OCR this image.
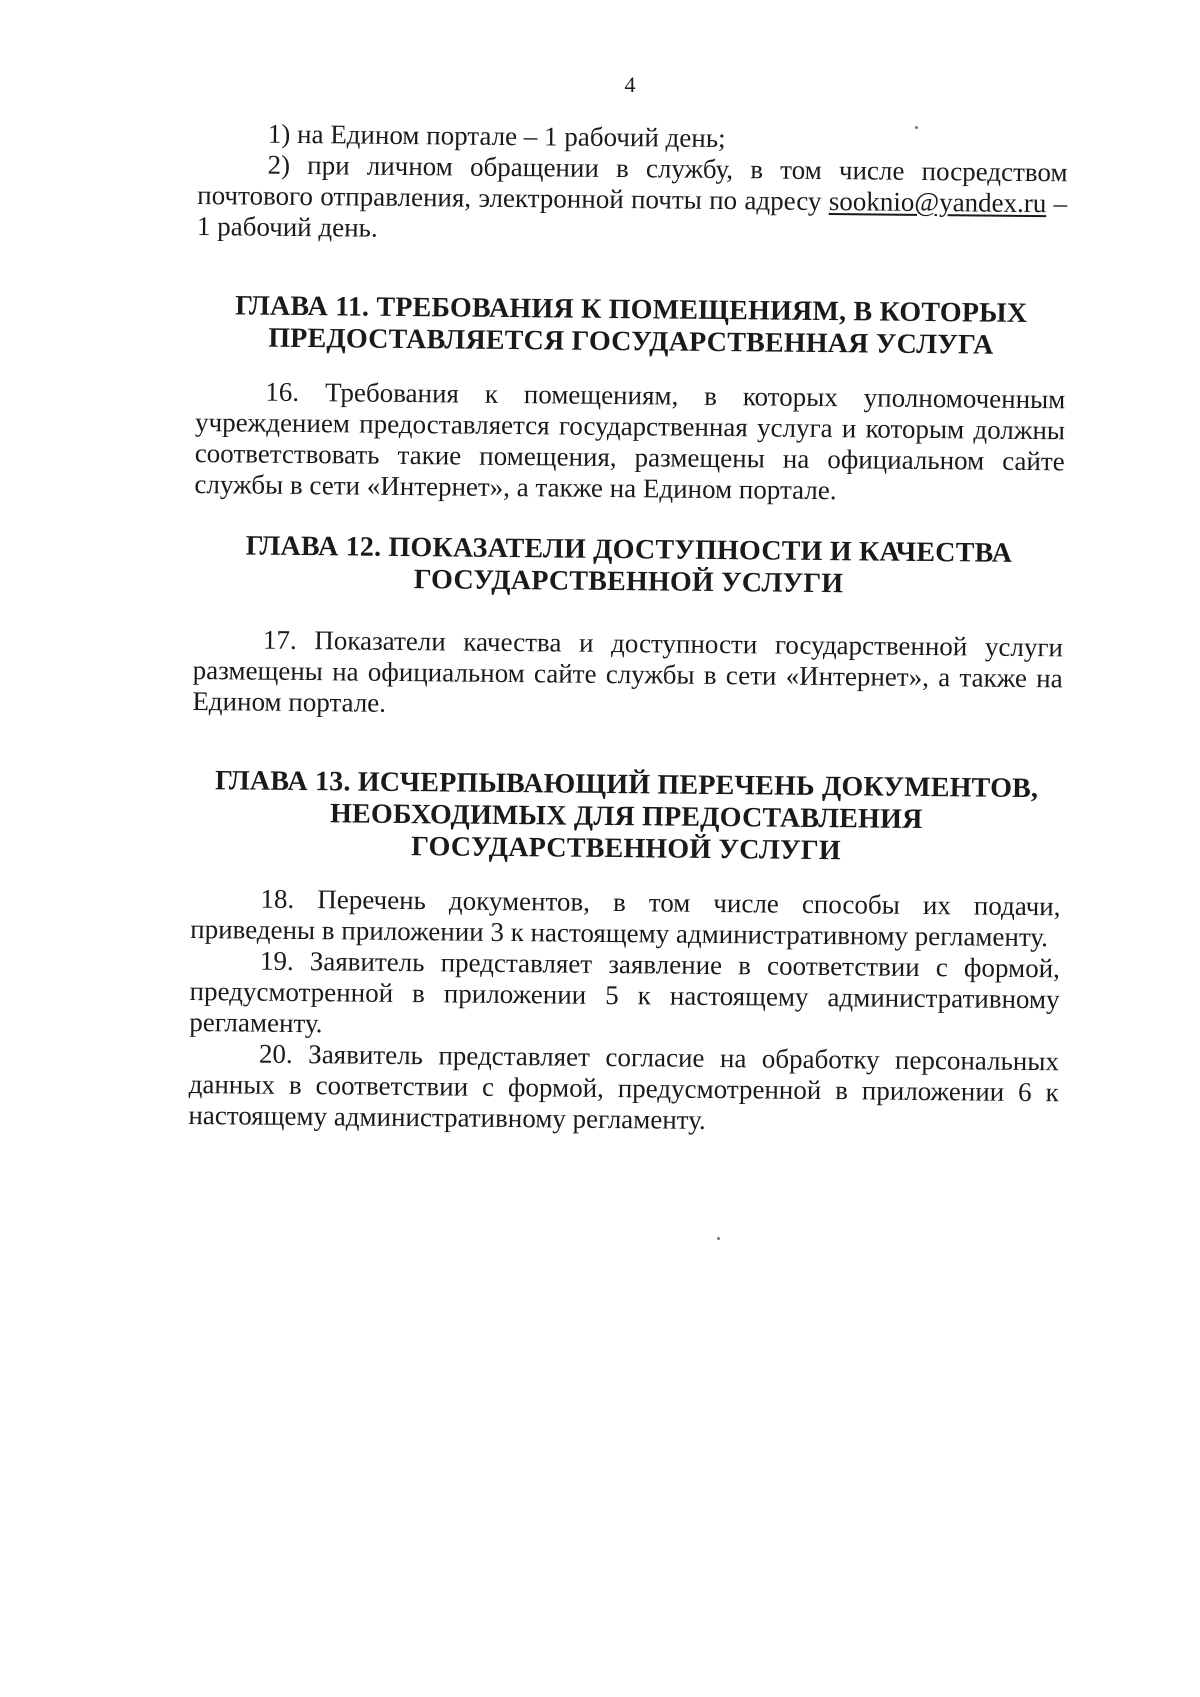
4

1) на Едином портале – 1 рабочий день;

2) при личном обращении в службу, в том числе посредством почтового отправления, электронной почты по адресу sooknio@yandex.ru – 1 рабочий день.

ГЛАВА 11. ТРЕБОВАНИЯ К ПОМЕЩЕНИЯМ, В КОТОРЫХ
ПРЕДОСТАВЛЯЕТСЯ ГОСУДАРСТВЕННАЯ УСЛУГА

16. Требования к помещениям, в которых уполномоченным учреждением предоставляется государственная услуга и которым должны соответствовать такие помещения, размещены на официальном сайте службы в сети «Интернет», а также на Едином портале.

ГЛАВА 12. ПОКАЗАТЕЛИ ДОСТУПНОСТИ И КАЧЕСТВА
ГОСУДАРСТВЕННОЙ УСЛУГИ

17. Показатели качества и доступности государственной услуги размещены на официальном сайте службы в сети «Интернет», а также на Едином портале.

ГЛАВА 13. ИСЧЕРПЫВАЮЩИЙ ПЕРЕЧЕНЬ ДОКУМЕНТОВ,
НЕОБХОДИМЫХ ДЛЯ ПРЕДОСТАВЛЕНИЯ
ГОСУДАРСТВЕННОЙ УСЛУГИ

18. Перечень документов, в том числе способы их подачи, приведены в приложении 3 к настоящему административному регламенту.

19. Заявитель представляет заявление в соответствии с формой, предусмотренной в приложении 5 к настоящему административному регламенту.

20. Заявитель представляет согласие на обработку персональных данных в соответствии с формой, предусмотренной в приложении 6 к настоящему административному регламенту.
